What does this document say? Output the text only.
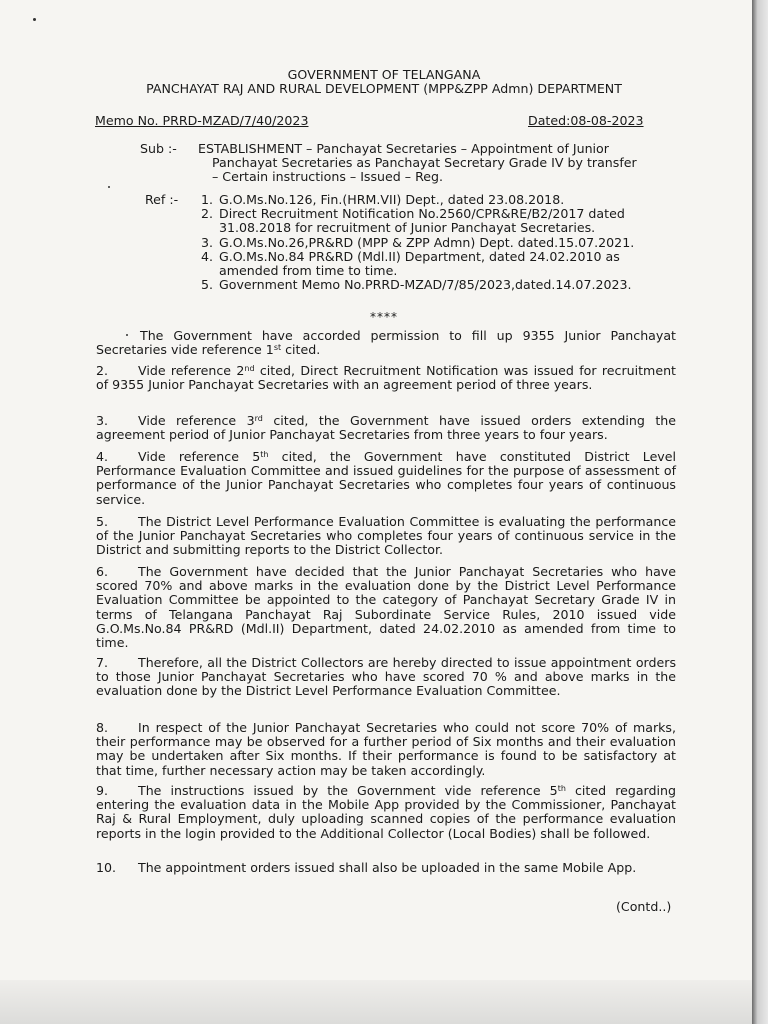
GOVERNMENT OF TELANGANA
PANCHAYAT RAJ AND RURAL DEVELOPMENT (MPP&ZPP Admn) DEPARTMENT
Memo No. PRRD-MZAD/7/40/2023	Dated:08-08-2023
Sub :- ESTABLISHMENT – Panchayat Secretaries – Appointment of Junior
Panchayat Secretaries as Panchayat Secretary Grade IV by transfer
– Certain instructions – Issued – Reg.
Ref :- 1. G.O.Ms.No.126, Fin.(HRM.VII) Dept., dated 23.08.2018.
2. Direct Recruitment Notification No.2560/CPR&RE/B2/2017 dated
31.08.2018 for recruitment of Junior Panchayat Secretaries.
3. G.O.Ms.No.26,PR&RD (MPP & ZPP Admn) Dept. dated.15.07.2021.
4. G.O.Ms.No.84 PR&RD (Mdl.II) Department, dated 24.02.2010 as
amended from time to time.
5. Government Memo No.PRRD-MZAD/7/85/2023,dated.14.07.2023.
****
The Government have accorded permission to fill up 9355 Junior Panchayat Secretaries vide reference 1st cited.
2. Vide reference 2nd cited, Direct Recruitment Notification was issued for recruitment of 9355 Junior Panchayat Secretaries with an agreement period of three years.
3. Vide reference 3rd cited, the Government have issued orders extending the agreement period of Junior Panchayat Secretaries from three years to four years.
4. Vide reference 5th cited, the Government have constituted District Level Performance Evaluation Committee and issued guidelines for the purpose of assessment of performance of the Junior Panchayat Secretaries who completes four years of continuous service.
5. The District Level Performance Evaluation Committee is evaluating the performance of the Junior Panchayat Secretaries who completes four years of continuous service in the District and submitting reports to the District Collector.
6. The Government have decided that the Junior Panchayat Secretaries who have scored 70% and above marks in the evaluation done by the District Level Performance Evaluation Committee be appointed to the category of Panchayat Secretary Grade IV in terms of Telangana Panchayat Raj Subordinate Service Rules, 2010 issued vide G.O.Ms.No.84 PR&RD (Mdl.II) Department, dated 24.02.2010 as amended from time to time.
7. Therefore, all the District Collectors are hereby directed to issue appointment orders to those Junior Panchayat Secretaries who have scored 70 % and above marks in the evaluation done by the District Level Performance Evaluation Committee.
8. In respect of the Junior Panchayat Secretaries who could not score 70% of marks, their performance may be observed for a further period of Six months and their evaluation may be undertaken after Six months. If their performance is found to be satisfactory at that time, further necessary action may be taken accordingly.
9. The instructions issued by the Government vide reference 5th cited regarding entering the evaluation data in the Mobile App provided by the Commissioner, Panchayat Raj & Rural Employment, duly uploading scanned copies of the performance evaluation reports in the login provided to the Additional Collector (Local Bodies) shall be followed.
10. The appointment orders issued shall also be uploaded in the same Mobile App.
(Contd..)
